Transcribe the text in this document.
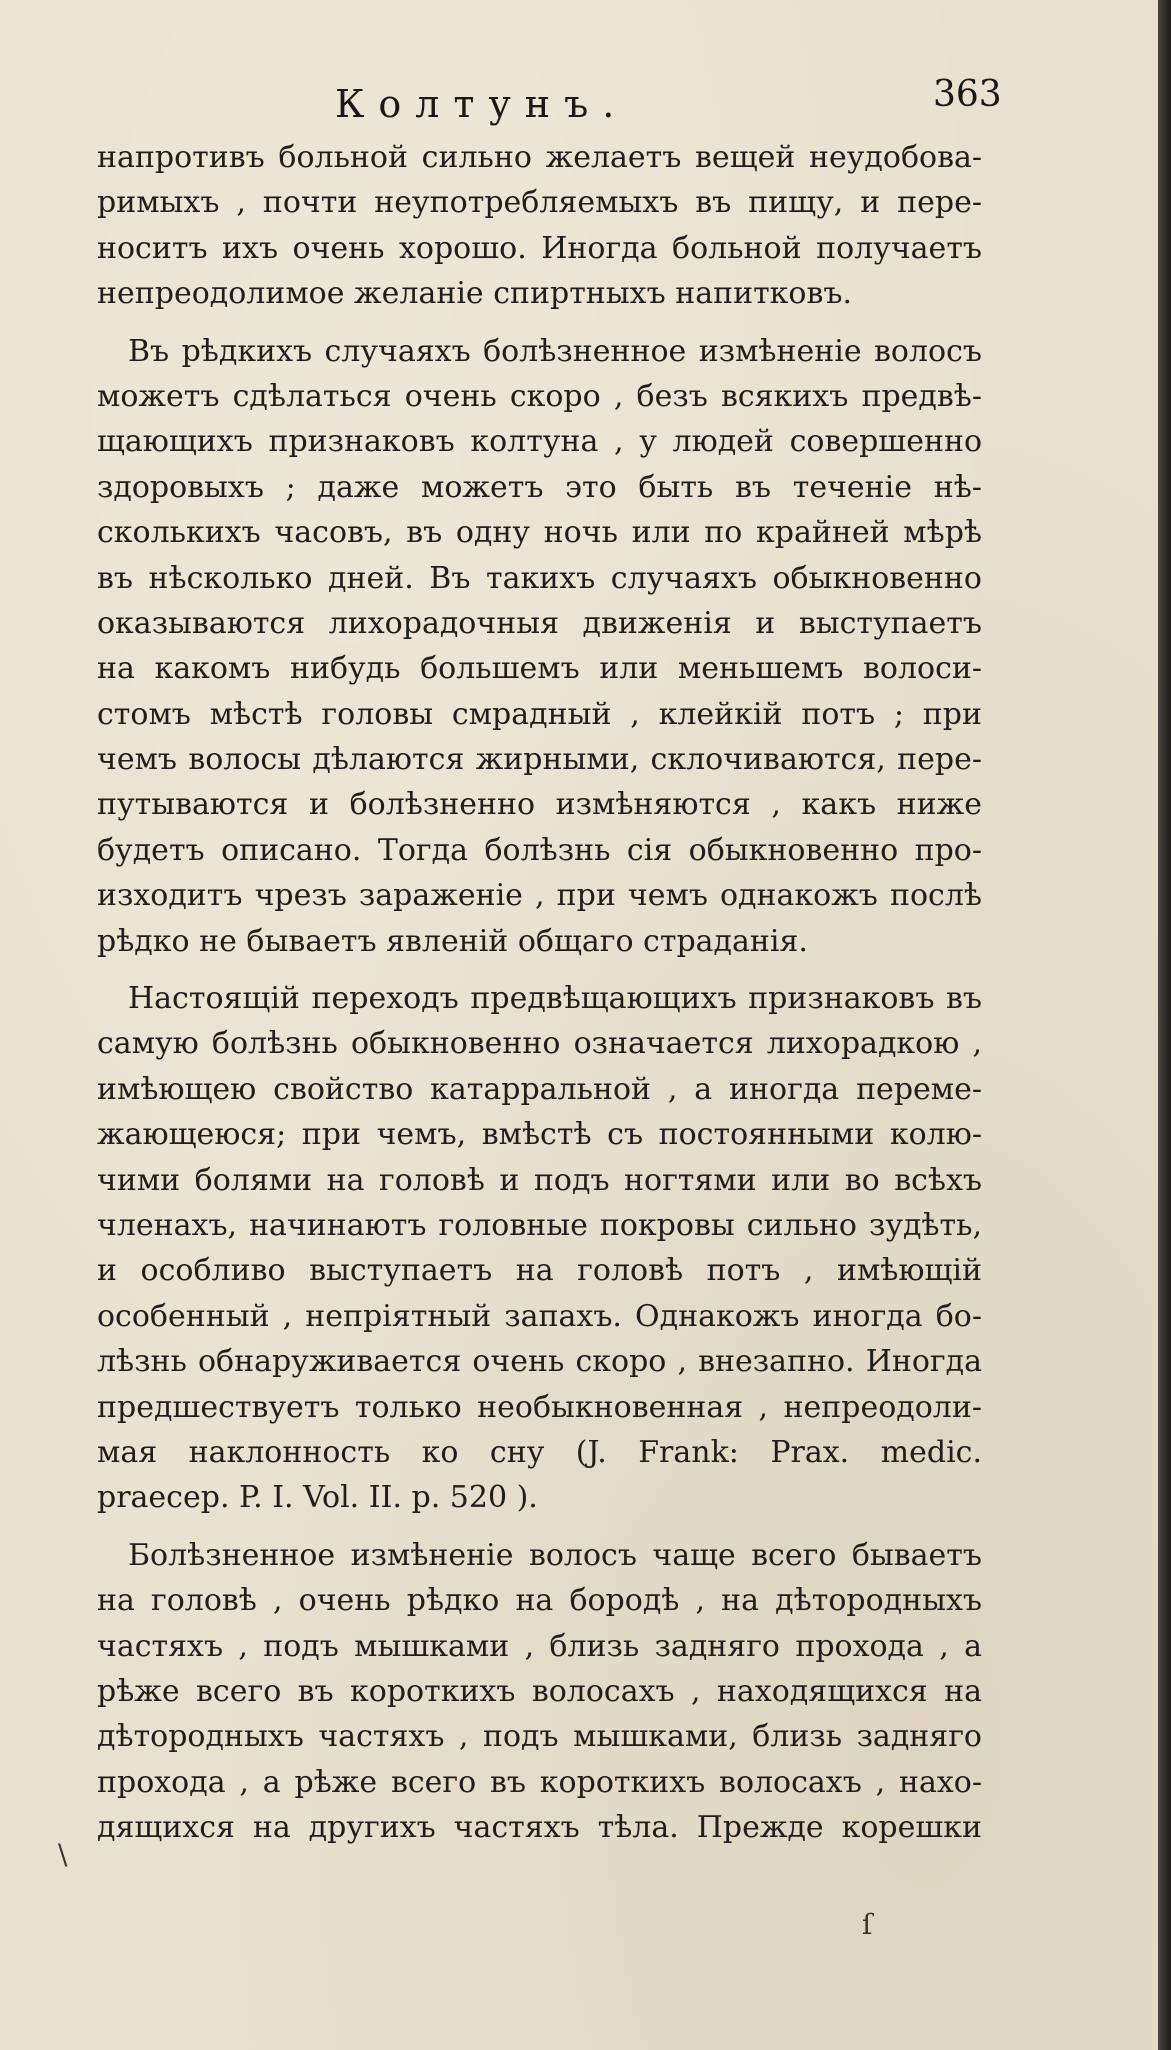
Колтунъ.	363
напротивъ больной сильно желаетъ вещей неудобова-
римыхъ , почти неупотребляемыхъ въ пищу, и пере-
носитъ ихъ очень хорошо. Иногда больной получаетъ
непреодолимое желаніе спиртныхъ напитковъ.
Въ рѣдкихъ случаяхъ болѣзненное измѣненіе волосъ
можетъ сдѣлаться очень скоро , безъ всякихъ предвѣ-
щающихъ признаковъ колтуна , у людей совершенно
здоровыхъ ; даже можетъ это быть въ теченіе нѣ-
сколькихъ часовъ, въ одну ночь или по крайней мѣрѣ
въ нѣсколько дней. Въ такихъ случаяхъ обыкновенно
оказываются лихорадочныя движенія и выступаетъ
на какомъ нибудь большемъ или меньшемъ волоси-
стомъ мѣстѣ головы смрадный , клейкій потъ ; при
чемъ волосы дѣлаются жирными, склочиваются, пере-
путываются и болѣзненно измѣняются , какъ ниже
будетъ описано. Тогда болѣзнь сія обыкновенно про-
изходитъ чрезъ зараженіе , при чемъ однакожъ послѣ
рѣдко не бываетъ явленій общаго страданія.
Настоящій переходъ предвѣщающихъ признаковъ въ
самую болѣзнь обыкновенно означается лихорадкою ,
имѣющею свойство катарральной , а иногда переме-
жающеюся; при чемъ, вмѣстѣ съ постоянными колю-
чими болями на головѣ и подъ ногтями или во всѣхъ
членахъ, начинаютъ головные покровы сильно зудѣть,
и особливо выступаетъ на головѣ потъ , имѣющій
особенный , непріятный запахъ. Однакожъ иногда бо-
лѣзнь обнаруживается очень скоро , внезапно. Иногда
предшествуетъ только необыкновенная , непреодоли-
мая наклонность ко сну (J. Frank: Prax. medic.
praecep. P. I. Vol. II. p. 520 ).
Болѣзненное измѣненіе волосъ чаще всего бываетъ
на головѣ , очень рѣдко на бородѣ , на дѣтородныхъ
частяхъ , подъ мышками , близь задняго прохода , а
рѣже всего въ короткихъ волосахъ , находящихся на
дѣтородныхъ частяхъ , подъ мышками, близь задняго
прохода , а рѣже всего въ короткихъ волосахъ , нахо-
дящихся на другихъ частяхъ тѣла. Прежде корешки
\
ſ
